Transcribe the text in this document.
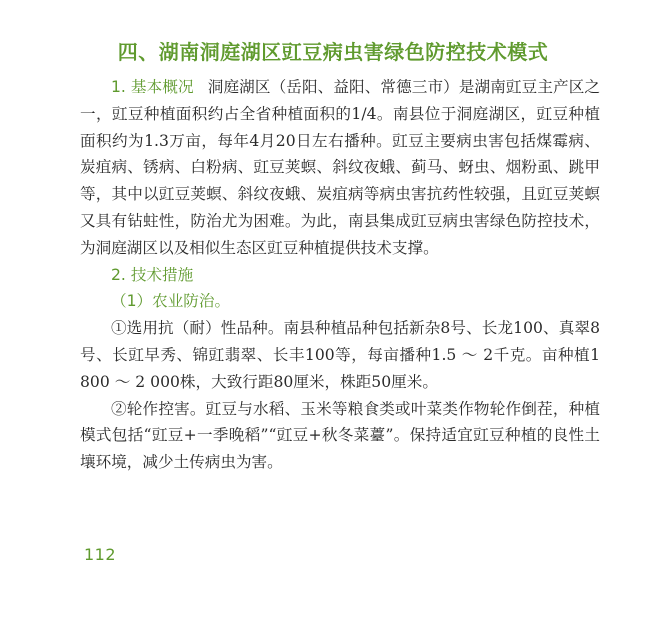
四、湖南洞庭湖区豇豆病虫害绿色防控技术模式

1. 基本概况 洞庭湖区（岳阳、益阳、常德三市）是湖南豇豆主产区之一，豇豆种植面积约占全省种植面积的1/4。南县位于洞庭湖区，豇豆种植面积约为1.3万亩，每年4月20日左右播种。豇豆主要病虫害包括煤霉病、炭疽病、锈病、白粉病、豇豆荚螟、斜纹夜蛾、蓟马、蚜虫、烟粉虱、跳甲等，其中以豇豆荚螟、斜纹夜蛾、炭疽病等病虫害抗药性较强，且豇豆荚螟又具有钻蛀性，防治尤为困难。为此，南县集成豇豆病虫害绿色防控技术，为洞庭湖区以及相似生态区豇豆种植提供技术支撑。

2. 技术措施

（1）农业防治。

①选用抗（耐）性品种。南县种植品种包括新杂8号、长龙100、真翠8号、长豇早秀、锦豇翡翠、长丰100等，每亩播种1.5 ～ 2千克。亩种植1 800 ～ 2 000株，大致行距80厘米，株距50厘米。

②轮作控害。豇豆与水稻、玉米等粮食类或叶菜类作物轮作倒茬，种植模式包括“豇豆+一季晚稻”“豇豆+秋冬菜薹”。保持适宜豇豆种植的良性土壤环境，减少土传病虫为害。

112
